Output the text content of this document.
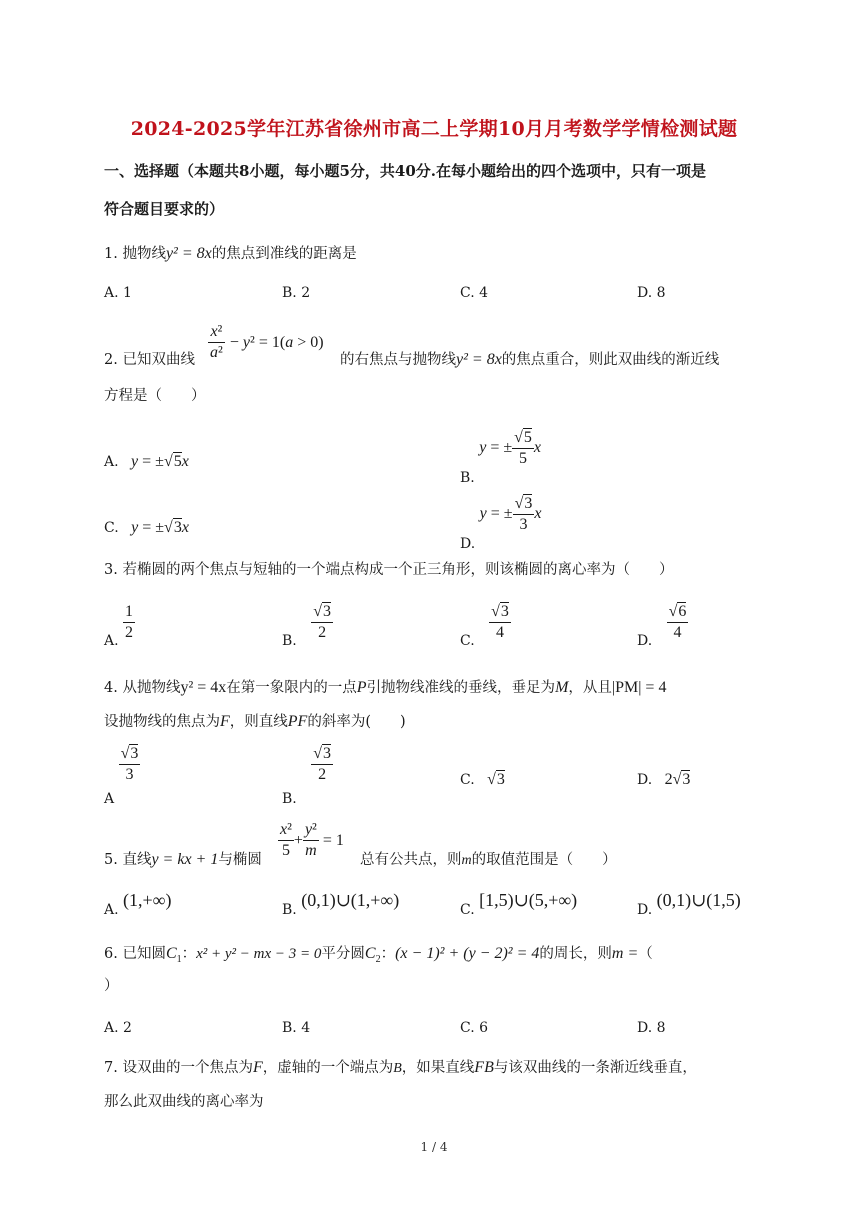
2024-2025学年江苏省徐州市高二上学期10月月考数学学情检测试题
一、选择题（本题共8小题，每小题5分，共40分.在每小题给出的四个选项中，只有一项是
符合题目要求的）
1. 抛物线y² = 8x的焦点到准线的距离是
A. 1	B. 2	C. 4	D. 8
2. 已知双曲线 $\frac{\text{x²}}{\text{a²}} - y^2 = 1(a > 0)$
的右焦点与抛物线y² = 8x的焦点重合，则此双曲线的渐近线
方程是（　　）
A. y = ±√5x
B. y = ± $\frac{√5}{5}$ x
C. y = ±√3x
D. y = ± $\frac{√3}{3}$ x
3. 若椭圆的两个焦点与短轴的一个端点构成一个正三角形，则该椭圆的离心率为（　　）
A. $\frac{1}{2}$	B. $\frac{√3}{2}$	C. $\frac{√3}{4}$	D. $\frac{√6}{4}$
4. 从抛物线y² = 4x在第一象限内的一点P引抛物线准线的垂线，垂足为M，从且|PM| = 4
设抛物线的焦点为F，则直线PF的斜率为(　　)
A
$\frac{√3}{3}$
B.
$\frac{√3}{2}$	C. √3	D. 2√3
5. 直线y = kx + 1与椭圆 $\frac{\text{x²}}{5} + \frac{\text{y²}}{m} = 1$
总有公共点，则m的取值范围是（　　）
A. (1,+∞)	B. (0,1)∪(1,+∞)	C. [1,5)∪(5,+∞)	D. (0,1)∪(1,5)
6. 已知圆$C_1$：x² + y² − mx − 3 = 0平分圆$C_2$：(x − 1)² + (y − 2)² = 4的周长，则m =（
）
A. 2	B. 4	C. 6	D. 8
7. 设双曲的一个焦点为F，虚轴的一个端点为B，如果直线FB与该双曲线的一条渐近线垂直，
那么此双曲线的离心率为
1 / 4
